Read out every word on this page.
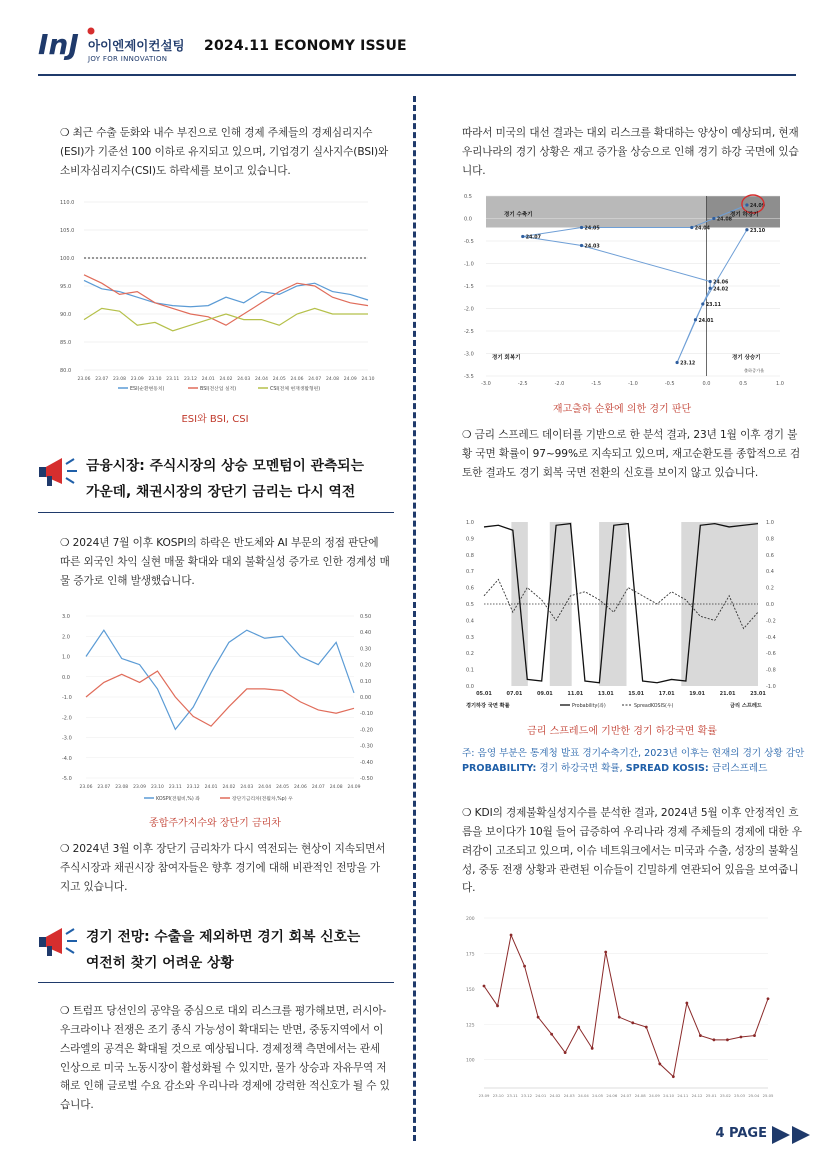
InJ 아이엔제이컨설팅
JOY FOR INNOVATION
2024.11 ECONOMY ISSUE
❍ 최근 수출 둔화와 내수 부진으로 인해 경제 주체들의 경제심리지수(ESI)가 기준선 100 이하로 유지되고 있으며, 기업경기 실사지수(BSI)와 소비자심리지수(CSI)도 하락세를 보이고 있습니다.
110.0
105.0
100.0
95.0
90.0
85.0
80.0
23.06 23.07 23.08 23.09 23.10 23.11 23.12 24.01 24.02 24.03 24.04 24.05 24.06 24.07 24.08 24.09 24.10
ESI(순환변동치)	BSI(전산업 실적)	CSI(전체 현재생활형편)
ESI와 BSI, CSI
금융시장: 주식시장의 상승 모멘텀이 관측되는
가운데, 채권시장의 장단기 금리는 다시 역전
❍ 2024년 7월 이후 KOSPI의 하락은 반도체와 AI 부문의 정점 판단에 따른 외국인 차익 실현 매물 확대와 대외 불확실성 증가로 인한 경계성 매물 증가로 인해 발생했습니다.
3.0
2.0
1.0
0.0
-1.0
-2.0
-3.0
-4.0
-5.0
0.50
0.40
0.30
0.20
0.10
0.00
-0.10
-0.20
-0.30
-0.40
-0.50
23.06 23.07 23.08 23.09 23.10 23.11 23.12 24.01 24.02 24.03 24.04 24.05 24.06 24.07 24.08 24.09
KOSPI(전월비,%) 좌	장단기금리차(전월차,%p) 우
종합주가지수와 장단기 금리차
❍ 2024년 3월 이후 장단기 금리차가 다시 역전되는 현상이 지속되면서 주식시장과 채권시장 참여자들은 향후 경기에 대해 비관적인 전망을 가지고 있습니다.
경기 전망: 수출을 제외하면 경기 회복 신호는
여전히 찾기 어려운 상황
❍ 트럼프 당선인의 공약을 중심으로 대외 리스크를 평가해보면, 러시아-우크라이나 전쟁은 조기 종식 가능성이 확대되는 반면, 중동지역에서 이스라엘의 공격은 확대될 것으로 예상됩니다. 경제정책 측면에서는 관세 인상으로 미국 노동시장이 활성화될 수 있지만, 물가 상승과 자유무역 저해로 인해 글로벌 수요 감소와 우리나라 경제에 강력한 적신호가 될 수 있습니다.
따라서 미국의 대선 결과는 대외 리스크를 확대하는 양상이 예상되며, 현재 우리나라의 경기 상황은 재고 증가율 상승으로 인해 경기 하강 국면에 있습니다.
0.5
0.0
-0.5
-1.0
-1.5
-2.0
-2.5
-3.0
-3.5
-3.0	-2.5	-2.0	-1.5	-1.0	-0.5	0.0	0.5	1.0
23.12
24.01
23.11
24.02
24.06
24.03
24.07
24.05	24.04
24.08
23.10
24.09
경기 수축기	경기 하강기
경기 회복기	경기 상승기
출하증가율
재고출하 순환에 의한 경기 판단
❍ 금리 스프레드 데이터를 기반으로 한 분석 결과, 23년 1월 이후 경기 불황 국면 확률이 97~99%로 지속되고 있으며, 재고순환도를 종합적으로 검토한 결과도 경기 회복 국면 전환의 신호를 보이지 않고 있습니다.
1.0
0.9
0.8
0.7
0.6
0.5
0.4
0.3
0.2
0.1
0.0
1.0
0.8
0.6
0.4
0.2
0.0
-0.2
-0.4
-0.6
-0.8
-1.0
05.01	07.01	09.01	11.01	13.01	15.01	17.01	19.01	21.01	23.01
경기하강 국면 확률	Probability(좌)	SpreadKOSIS(우)	금리 스프레드
금리 스프레드에 기반한 경기 하강국면 확률
주: 음영 부분은 통계청 발표 경기수축기간, 2023년 이후는 현재의 경기 상황 감안
PROBABILITY: 경기 하강국면 확률, SPREAD KOSIS: 금리스프레드
❍ KDI의 경제불확실성지수를 분석한 결과, 2024년 5월 이후 안정적인 흐름을 보이다가 10월 들어 급증하여 우리나라 경제 주체들의 경제에 대한 우려감이 고조되고 있으며, 이슈 네트워크에서는 미국과 수출, 성장의 불확실성, 중동 전쟁 상황과 관련된 이슈들이 긴밀하게 연관되어 있음을 보여줍니다.
200
175
150
125
100
23.09 23.10 23.11 23.12 24.01 24.02 24.03 24.04 24.05 24.06 24.07 24.08 24.09 24.10 24.11 24.12 25.01 25.02 25.03 25.04 25.05
4 PAGE
